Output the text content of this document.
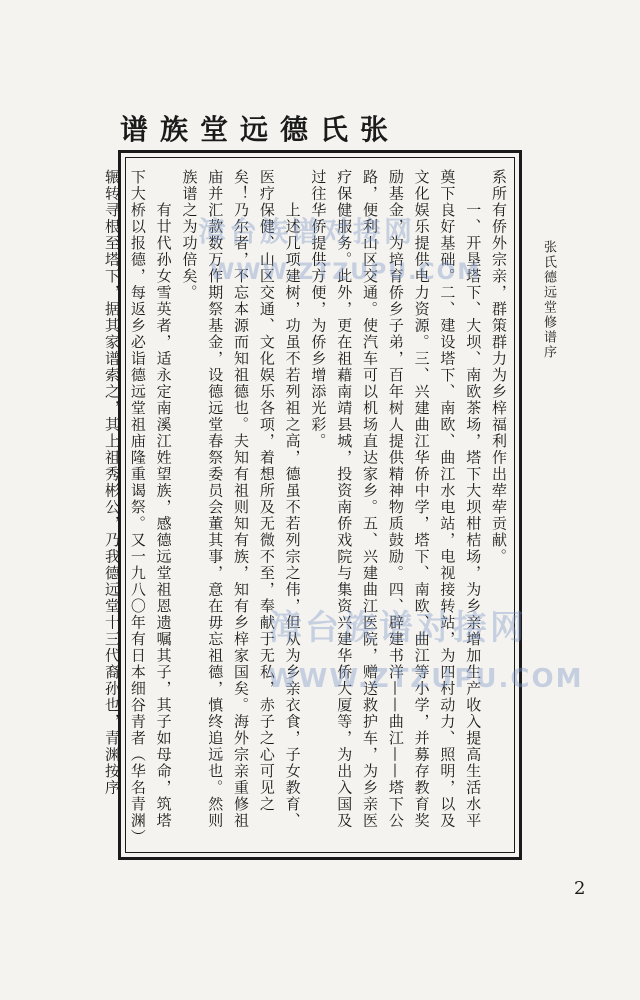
张氏德远堂族谱
系所有侨外宗亲，群策群力为乡梓福利作出荦荦贡献。
　　一、开垦塔下、大坝、南欧茶场，塔下大坝柑桔场，为乡亲增加生产收入提高生活水平奠下良好基础。二、建设塔下、南欧、曲江水电站，电视接转站，为四村动力、照明，以及文化娱乐提供电力资源。三、兴建曲江华侨中学，塔下、南欧、曲江等小学，并募存教育奖励基金，为培育侨乡子弟，百年树人提供精神物质鼓励。四、辟建书洋——曲江——塔下公路，便利山区交通。使汽车可以机场直达家乡。五、兴建曲江医院，赠送救护车，为乡亲医疗保健服务。此外，更在祖藉南靖县城，投资南侨戏院与集资兴建华侨大厦等，为出入国及过往华侨提供方便，为侨乡增添光彩。
　　上述几项建树，功虽不若列祖之高，德虽不若列宗之伟，但从为乡亲衣食，子女教育、医疗保健、山区交通、文化娱乐各项，着想所及无微不至，奉献于无私，赤子之心可见之矣！乃尔者，不忘本源而知祖德也。夫知有祖则知有族，知有乡梓家国矣。海外宗亲重修祖庙并汇款数万作期祭基金，设德远堂春祭委员会董其事，意在毋忘祖德，慎终追远也。然则族谱之为功倍矣。
　　有廿代孙女雪英者，适永定南溪江姓望族，感德远堂祖恩遗嘱其子，其子如母命，筑塔下大桥以报德，每返乡必诣德远堂祖庙隆重谒祭。又一九八〇年有日本细谷青者（华名青渊）辗转寻根至塔下，据其家谱索之，其上祖秀彬公，乃我德远堂十三代裔孙也，青渊按序	张氏德远堂修谱序
2
漳台族谱对接网
WWW.ZTZUPU.COM
漳台族谱对接网
WWW.ZTZUPU.COM
